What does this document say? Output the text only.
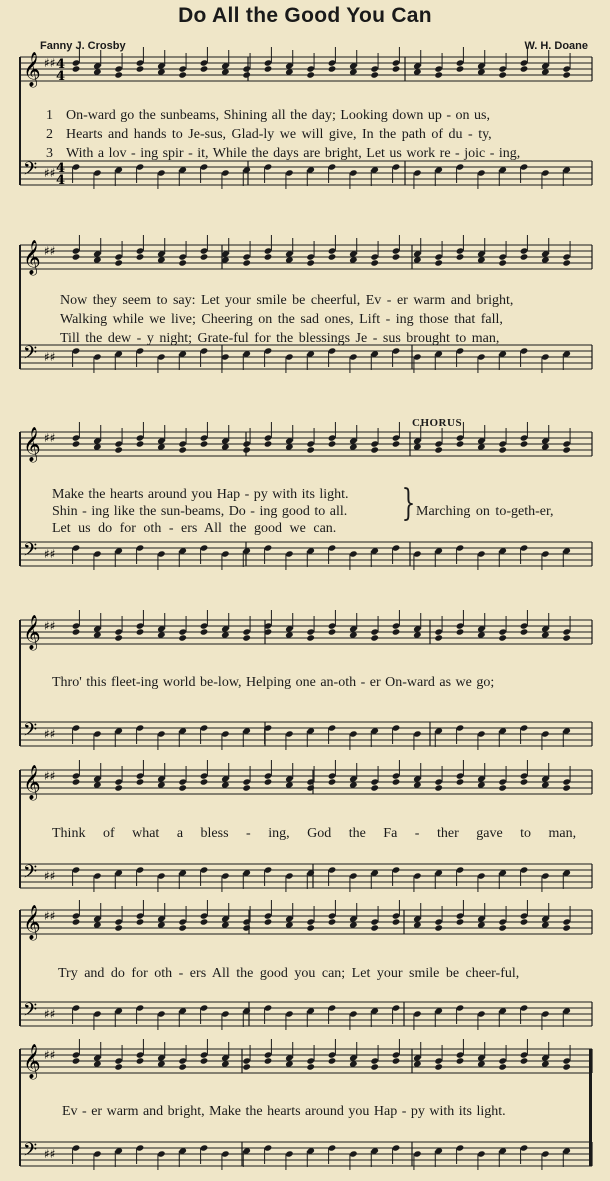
Do All the Good You Can
Fanny J. Crosby	W. H. Doane
CHORUS
𝄞 ♯♯
𝄢 ♯♯
𝄞 ♯♯
𝄢 ♯♯
𝄞 ♯♯
𝄢 ♯♯
𝄞 ♯♯
𝄢 ♯♯
𝄞 ♯♯
𝄢 ♯♯
𝄞 ♯♯
𝄢 ♯♯
𝄞 ♯♯
𝄢 ♯♯
4
4
4
4
1 On-ward go the sunbeams, Shining all the day; Looking down up - on us,
2 Hearts and hands to Je-sus, Glad-ly we will give, In the path of du - ty,
3 With a lov - ing spir - it, While the days are bright, Let us work re - joic - ing,
Now they seem to say: Let your smile be cheerful, Ev - er warm and bright,
Walking while we live; Cheering on the sad ones, Lift - ing those that fall,
Till the dew - y night; Grate-ful for the blessings Je - sus brought to man,
Make the hearts around you Hap - py with its light.
Shin - ing like the sun-beams, Do - ing good to all.
Let us do for oth - ers All the good we can.
Marching on to-geth-er,
}
Thro' this fleet-ing world be-low, Helping one an-oth - er On-ward as we go;
Think of what a bless - ing, God the Fa - ther gave to man,
Try and do for oth - ers All the good you can; Let your smile be cheer-ful,
Ev - er warm and bright, Make the hearts around you Hap - py with its light.
